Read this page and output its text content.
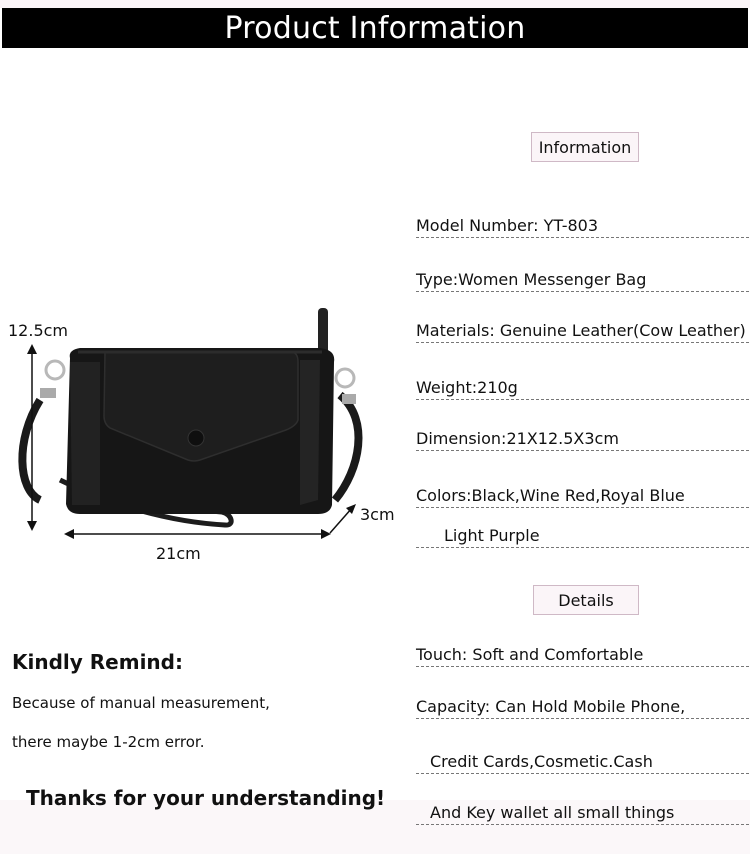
Product Information
12.5cm
21cm
3cm
Information
Model Number: YT-803
Type:Women Messenger Bag
Materials: Genuine Leather(Cow Leather)
Weight:210g
Dimension:21X12.5X3cm
Colors:Black,Wine Red,Royal Blue
Light Purple
Details
Touch: Soft and Comfortable
Capacity: Can Hold Mobile Phone,
Credit Cards,Cosmetic.Cash
And Key wallet all small things
Kindly Remind:
Because of manual measurement,
there maybe 1-2cm error.
Thanks for your understanding!
